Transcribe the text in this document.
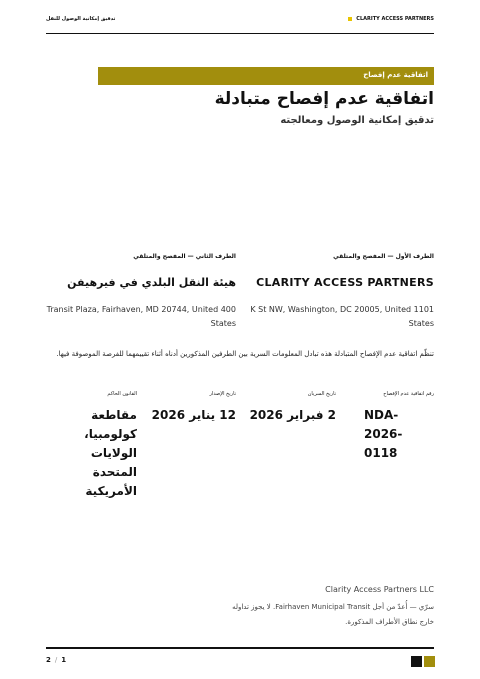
تدقيق إمكانية الوصول للنقل	CLARITY ACCESS PARTNERS
اتفاقية عدم إفصاح
اتفاقية عدم إفصاح متبادلة
تدقيق إمكانية الوصول ومعالجته
الطرف الأول — المفصح والمتلقي
الطرف الثاني — المفصح والمتلقي
CLARITY ACCESS PARTNERS
هيئة النقل البلدي في فيرهيفن
1101 K St NW, Washington, DC 20005, United States
400 Transit Plaza, Fairhaven, MD 20744, United States
تنظّم اتفاقية عدم الإفصاح المتبادلة هذه تبادل المعلومات السرية بين الطرفين المذكورين أدناه أثناء تقييمهما للفرصة الموصوفة فيها.
رقم اتفاقية عدم الإفصاح
NDA-2026-0118
تاريخ السريان
2 فبراير 2026
تاريخ الإصدار
12 يناير 2026
القانون الحاكم
مقاطعة كولومبيا، الولايات المتحدة الأمريكية
Clarity Access Partners LLC
سرّي — أُعدّ من أجل Fairhaven Municipal Transit. لا يجوز تداوله خارج نطاق الأطراف المذكورة.
2 / 1
